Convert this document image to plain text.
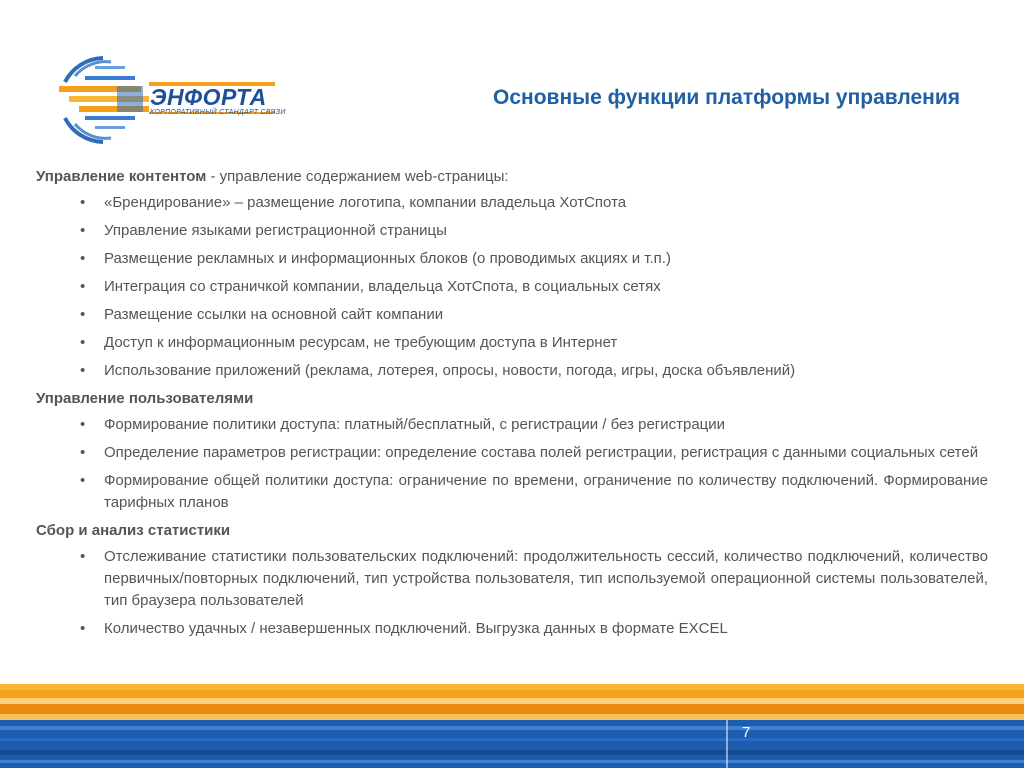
ЭНФОРТА
КОРПОРАТИВНЫЙ СТАНДАРТ СВЯЗИ
Основные функции платформы управления
Управление контентом - управление содержанием web-страницы:
• «Брендирование» – размещение логотипа, компании владельца ХотСпота
• Управление языками регистрационной страницы
• Размещение рекламных и информационных блоков (о проводимых акциях и т.п.)
• Интеграция со страничкой компании, владельца ХотСпота, в социальных сетях
• Размещение ссылки на основной сайт компании
• Доступ к информационным ресурсам, не требующим доступа в Интернет
• Использование приложений (реклама, лотерея, опросы, новости, погода, игры, доска объявлений)
Управление пользователями
• Формирование политики доступа: платный/бесплатный, с регистрации / без регистрации
• Определение параметров регистрации: определение состава полей регистрации, регистрация с данными социальных сетей
• Формирование общей политики доступа: ограничение по времени, ограничение по количеству подключений. Формирование тарифных планов
Сбор и анализ статистики
• Отслеживание статистики пользовательских подключений: продолжительность сессий, количество подключений, количество первичных/повторных подключений, тип устройства пользователя, тип используемой операционной системы пользователей, тип браузера пользователей
• Количество удачных / незавершенных подключений. Выгрузка данных в формате EXCEL
7
